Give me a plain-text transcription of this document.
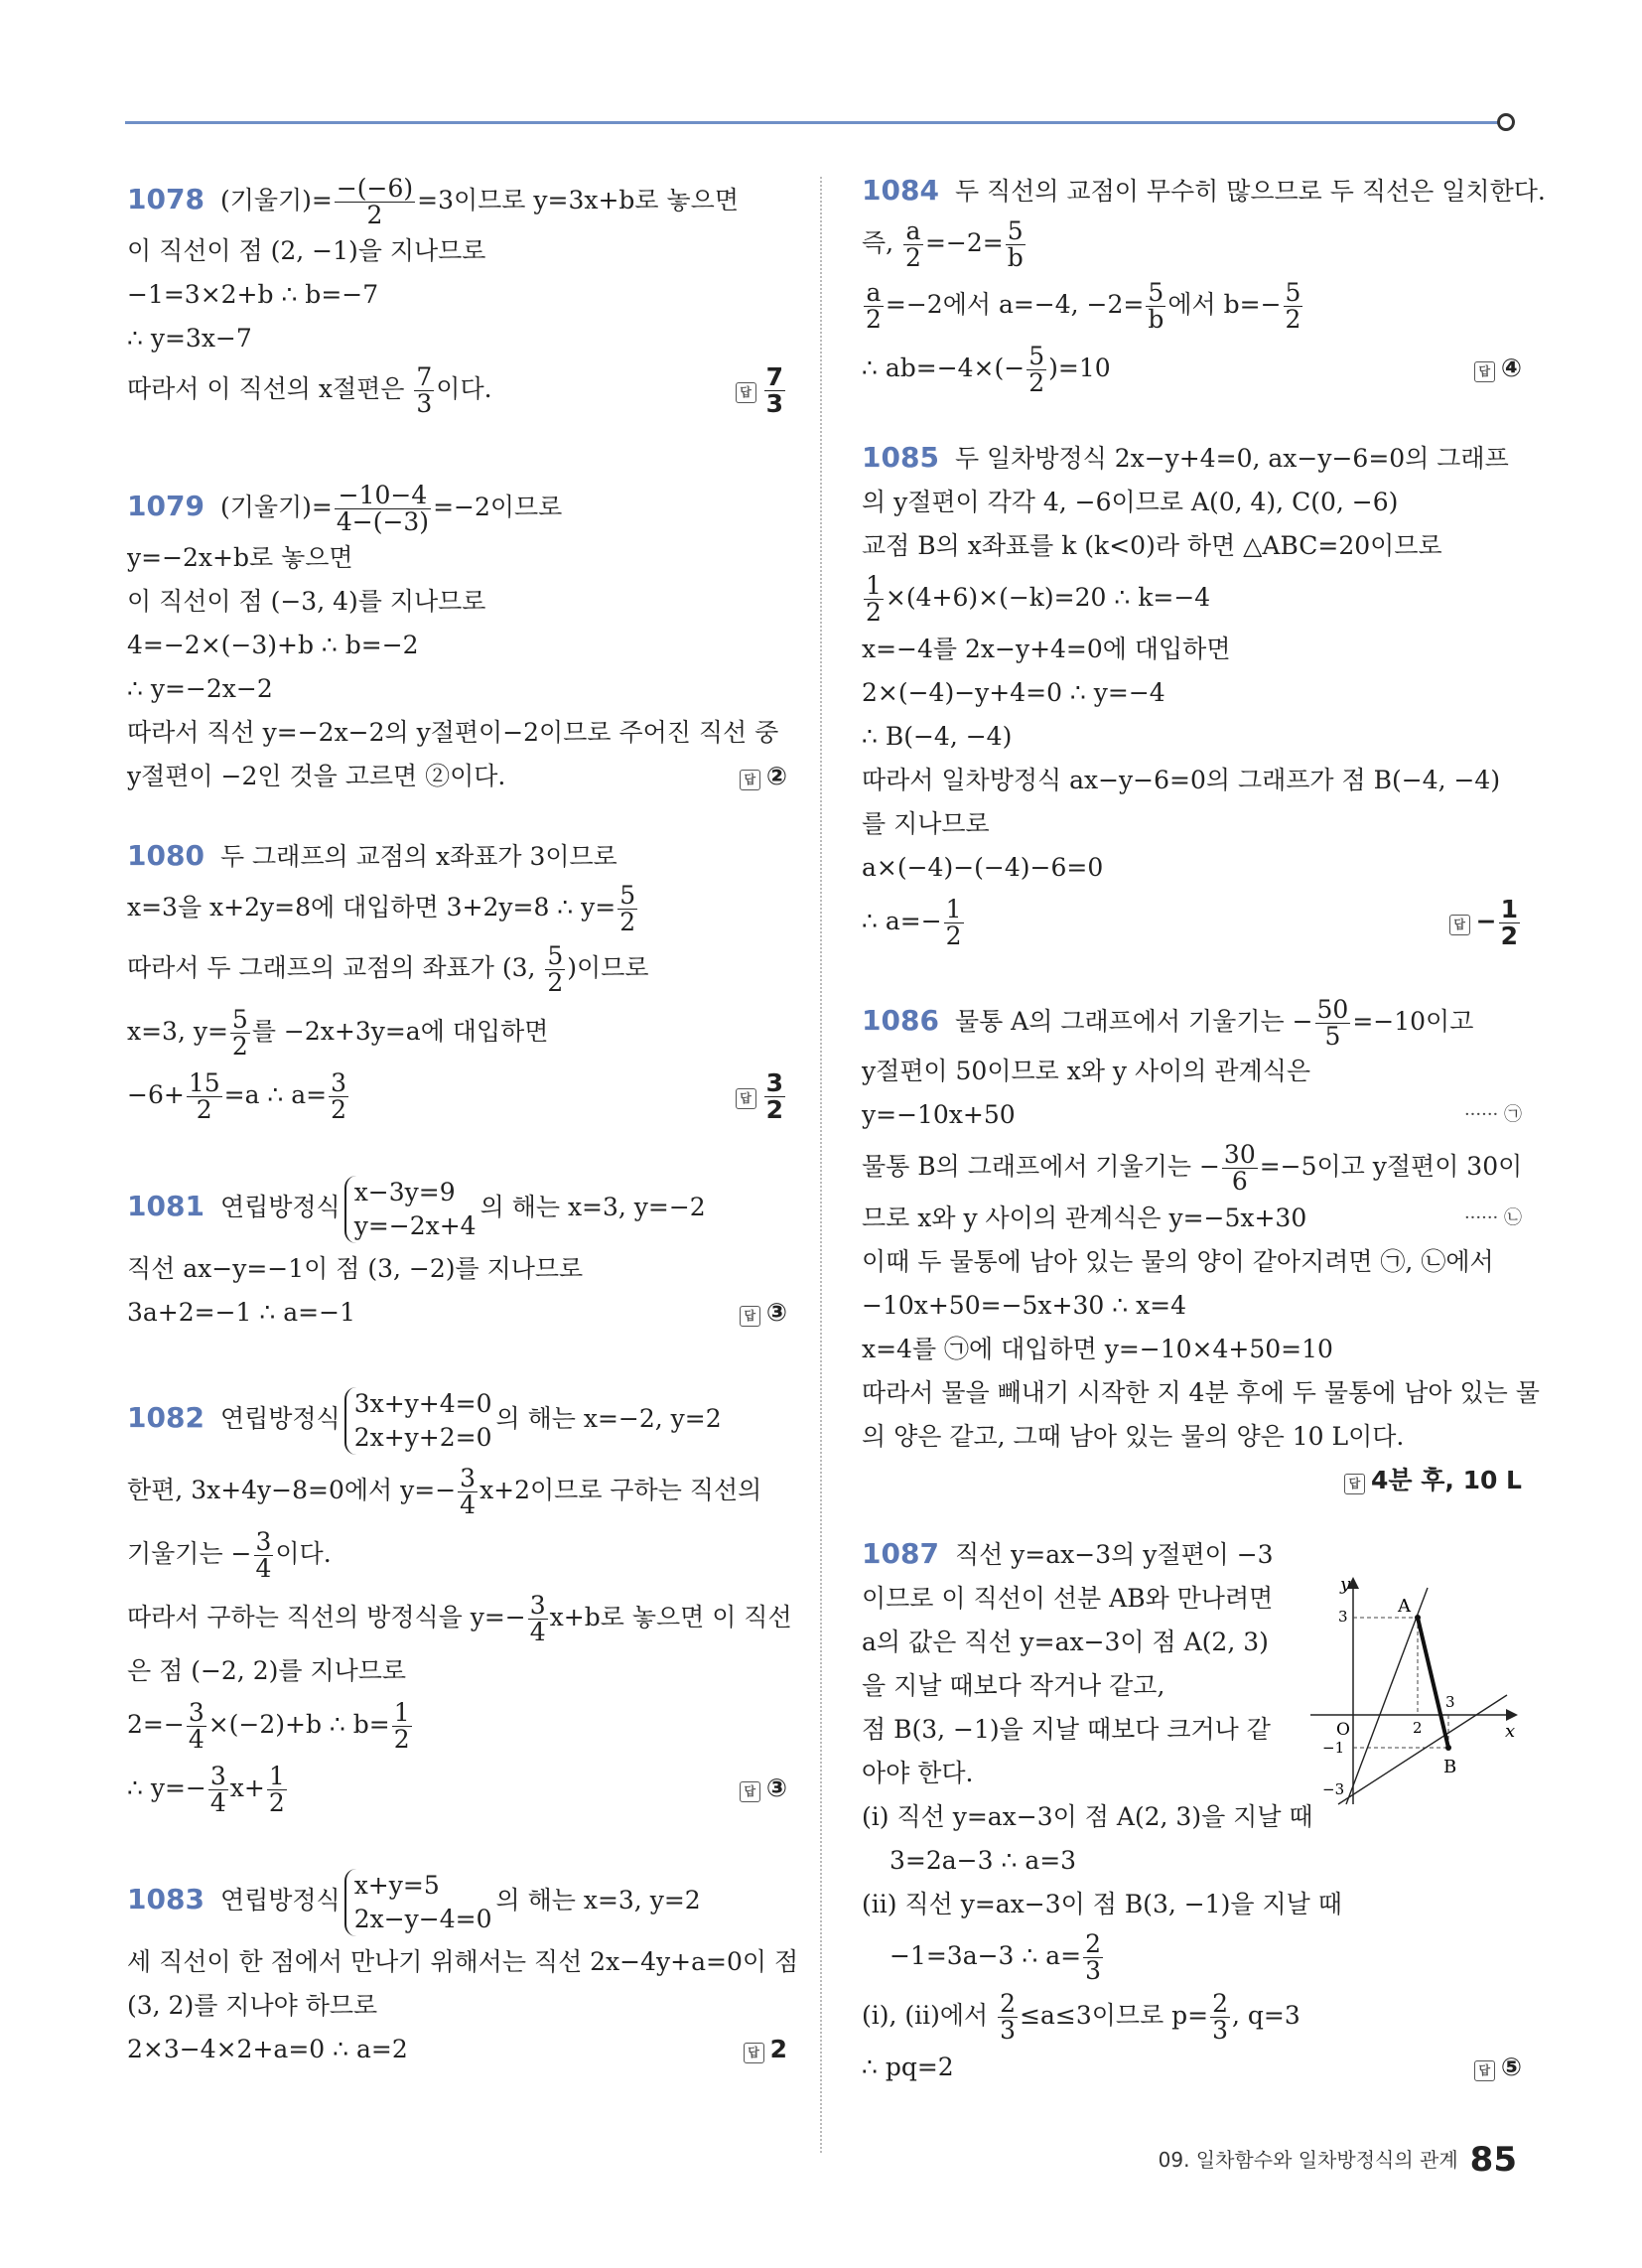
1078 (기울기)= $\frac{-(-6)}{2} =3$이므로 y=3x+b로 놓으면
이 직선이 점 (2, −1)을 지나므로
−1=3×2+b ∴ b=−7
∴ y=3x−7
따라서 이 직선의 x절편은 $\frac{7}{3}$ 이다.	답 $\frac{7}{3}$
1079 (기울기)= $\frac{-10-4}{4-(-3)} =-2$이므로
y=−2x+b로 놓으면
이 직선이 점 (−3, 4)를 지나므로
4=−2×(−3)+b ∴ b=−2
∴ y=−2x−2
따라서 직선 y=−2x−2의 y절편이−2이므로 주어진 직선 중
y절편이 −2인 것을 고르면 ②이다.	답 ②
1080 두 그래프의 교점의 x좌표가 3이므로
x=3을 x+2y=8에 대입하면 3+2y=8 ∴ $y= \frac{5}{2}$
따라서 두 그래프의 교점의 좌표가 (3, $\frac{5}{2}$ )이므로
x=3, $y= \frac{5}{2}$ 를 −2x+3y=a에 대입하면
$-6+ \frac{15}{2} =a$ ∴ $a= \frac{3}{2}$	답 $\frac{3}{2}$
1081 연립방정식
x−3y=9
y=−2x+4
의 해는 x=3, y=−2
직선 ax−y=−1이 점 (3, −2)를 지나므로
3a+2=−1 ∴ a=−1	답 ③
1082 연립방정식
3x+y+4=0
2x+y+2=0
의 해는 x=−2, y=2
한편, 3x+4y−8=0에서 $y=- \frac{3}{4} x+2$이므로 구하는 직선의
기울기는 − $\frac{3}{4}$ 이다.
따라서 구하는 직선의 방정식을 $y=- \frac{3}{4} x+b$로 놓으면 이 직선
은 점 (−2, 2)를 지나므로
$2=- \frac{3}{4} \times(-2)+b$ ∴ $b= \frac{1}{2}$
∴ $y=- \frac{3}{4} x+ \frac{1}{2}$	답 ③
1083 연립방정식
x+y=5
2x−y−4=0
의 해는 x=3, y=2
세 직선이 한 점에서 만나기 위해서는 직선 2x−4y+a=0이 점
(3, 2)를 지나야 하므로
2×3−4×2+a=0 ∴ a=2	답 2
1084 두 직선의 교점이 무수히 많으므로 두 직선은 일치한다.
즉, $\frac{a}{2} =-2= \frac{5}{b}$
$\frac{a}{2} =-2$에서 a=−4, $-2= \frac{5}{b}$ 에서 $b=- \frac{5}{2}$
∴ $ab=-4\times(- \frac{5}{2} )=10$	답 ④
1085 두 일차방정식 2x−y+4=0, ax−y−6=0의 그래프
의 y절편이 각각 4, −6이므로 A(0, 4), C(0, −6)
교점 B의 x좌표를 k (k<0)라 하면 △ABC=20이므로
$\frac{1}{2} \times(4+6)\times(-k)=20$ ∴ k=−4
x=−4를 2x−y+4=0에 대입하면
2×(−4)−y+4=0 ∴ y=−4
∴ B(−4, −4)
따라서 일차방정식 ax−y−6=0의 그래프가 점 B(−4, −4)
를 지나므로
a×(−4)−(−4)−6=0
∴ $a=- \frac{1}{2}$	답 − $\frac{1}{2}$
1086 물통 A의 그래프에서 기울기는 − $\frac{50}{5} =-10$이고
y절편이 50이므로 x와 y 사이의 관계식은
y=−10x+50	······ ㉠
물통 B의 그래프에서 기울기는 − $\frac{30}{6} =-5$이고 y절편이 30이
므로 x와 y 사이의 관계식은 y=−5x+30	······ ㉡
이때 두 물통에 남아 있는 물의 양이 같아지려면 ㉠, ㉡에서
−10x+50=−5x+30 ∴ x=4
x=4를 ㉠에 대입하면 y=−10×4+50=10
따라서 물을 빼내기 시작한 지 4분 후에 두 물통에 남아 있는 물
의 양은 같고, 그때 남아 있는 물의 양은 10 L이다.
답 4분 후, 10 L
1087 직선 y=ax−3의 y절편이 −3
이므로 이 직선이 선분 AB와 만나려면
a의 값은 직선 y=ax−3이 점 A(2, 3)
을 지날 때보다 작거나 같고,
점 B(3, −1)을 지날 때보다 크거나 같
아야 한다.
(ⅰ) 직선 y=ax−3이 점 A(2, 3)을 지날 때
3=2a−3 ∴ a=3
(ⅱ) 직선 y=ax−3이 점 B(3, −1)을 지날 때
−1=3a−3 ∴ $a= \frac{2}{3}$
(ⅰ), (ⅱ)에서 $\frac{2}{3} \le a\le 3$이므로 $p= \frac{2}{3}$ , q=3
∴ pq=2	답 ⑤
y
x
O
3
−1
−3
2
3
A
B
09. 일차함수와 일차방정식의 관계 85
